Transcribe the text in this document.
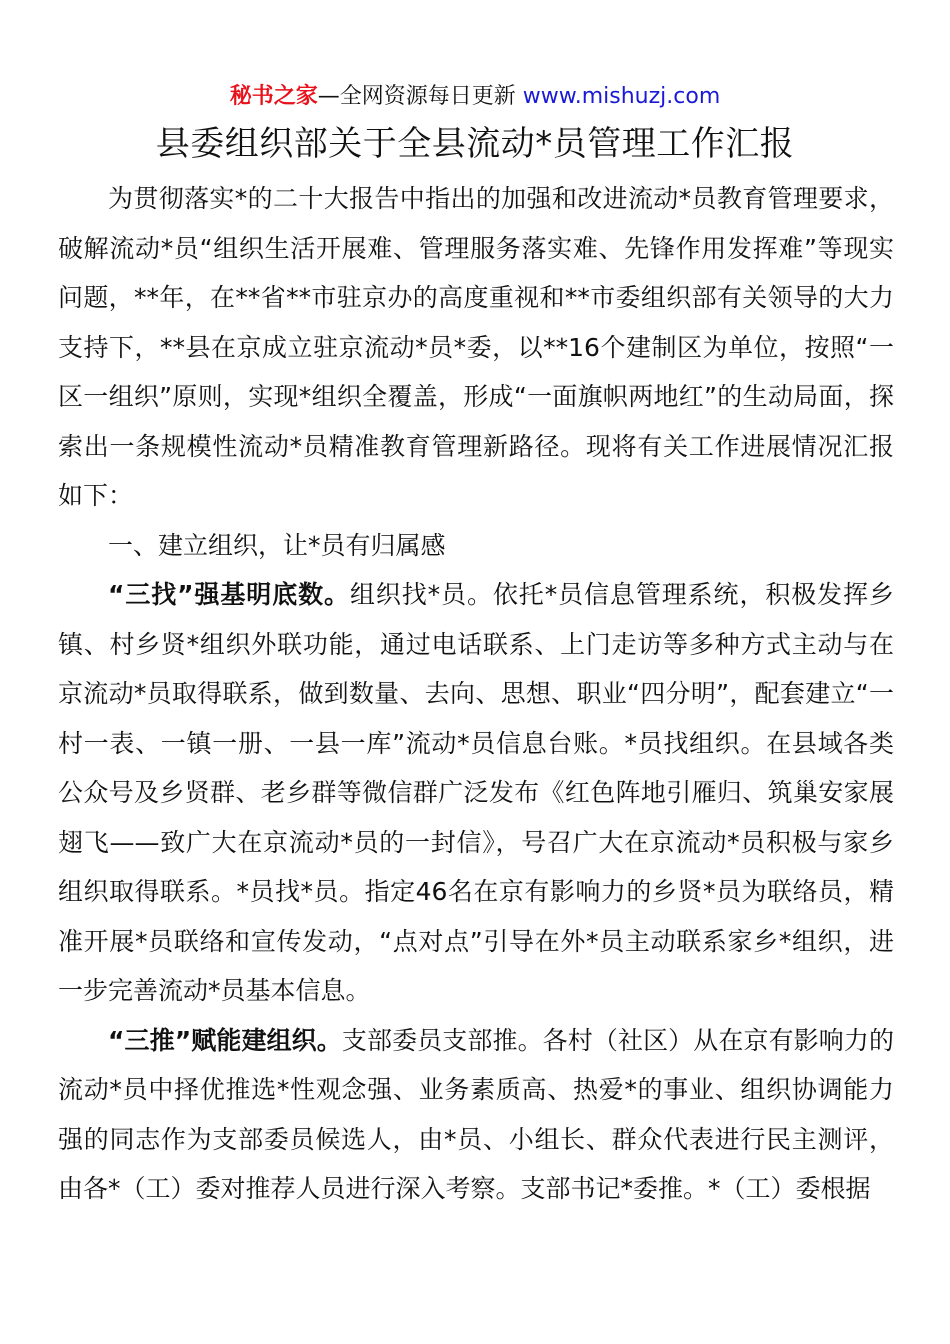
秘书之家—全网资源每日更新 www.mishuzj.com
县委组织部关于全县流动*员管理工作汇报

为贯彻落实*的二十大报告中指出的加强和改进流动*员教育管理要求，破解流动*员“组织生活开展难、管理服务落实难、先锋作用发挥难”等现实问题，**年，在**省**市驻京办的高度重视和**市委组织部有关领导的大力支持下，**县在京成立驻京流动*员*委，以**16个建制区为单位，按照“一区一组织”原则，实现*组织全覆盖，形成“一面旗帜两地红”的生动局面，探索出一条规模性流动*员精准教育管理新路径。现将有关工作进展情况汇报如下：

一、建立组织，让*员有归属感

“三找”强基明底数。组织找*员。依托*员信息管理系统，积极发挥乡镇、村乡贤*组织外联功能，通过电话联系、上门走访等多种方式主动与在京流动*员取得联系，做到数量、去向、思想、职业“四分明”，配套建立“一村一表、一镇一册、一县一库”流动*员信息台账。*员找组织。在县域各类公众号及乡贤群、老乡群等微信群广泛发布《红色阵地引雁归、筑巢安家展翅飞——致广大在京流动*员的一封信》，号召广大在京流动*员积极与家乡组织取得联系。*员找*员。指定46名在京有影响力的乡贤*员为联络员，精准开展*员联络和宣传发动，“点对点”引导在外*员主动联系家乡*组织，进一步完善流动*员基本信息。

“三推”赋能建组织。支部委员支部推。各村（社区）从在京有影响力的流动*员中择优推选*性观念强、业务素质高、热爱*的事业、组织协调能力强的同志作为支部委员候选人，由*员、小组长、群众代表进行民主测评，由各*（工）委对推荐人员进行深入考察。支部书记*委推。*（工）委根据
